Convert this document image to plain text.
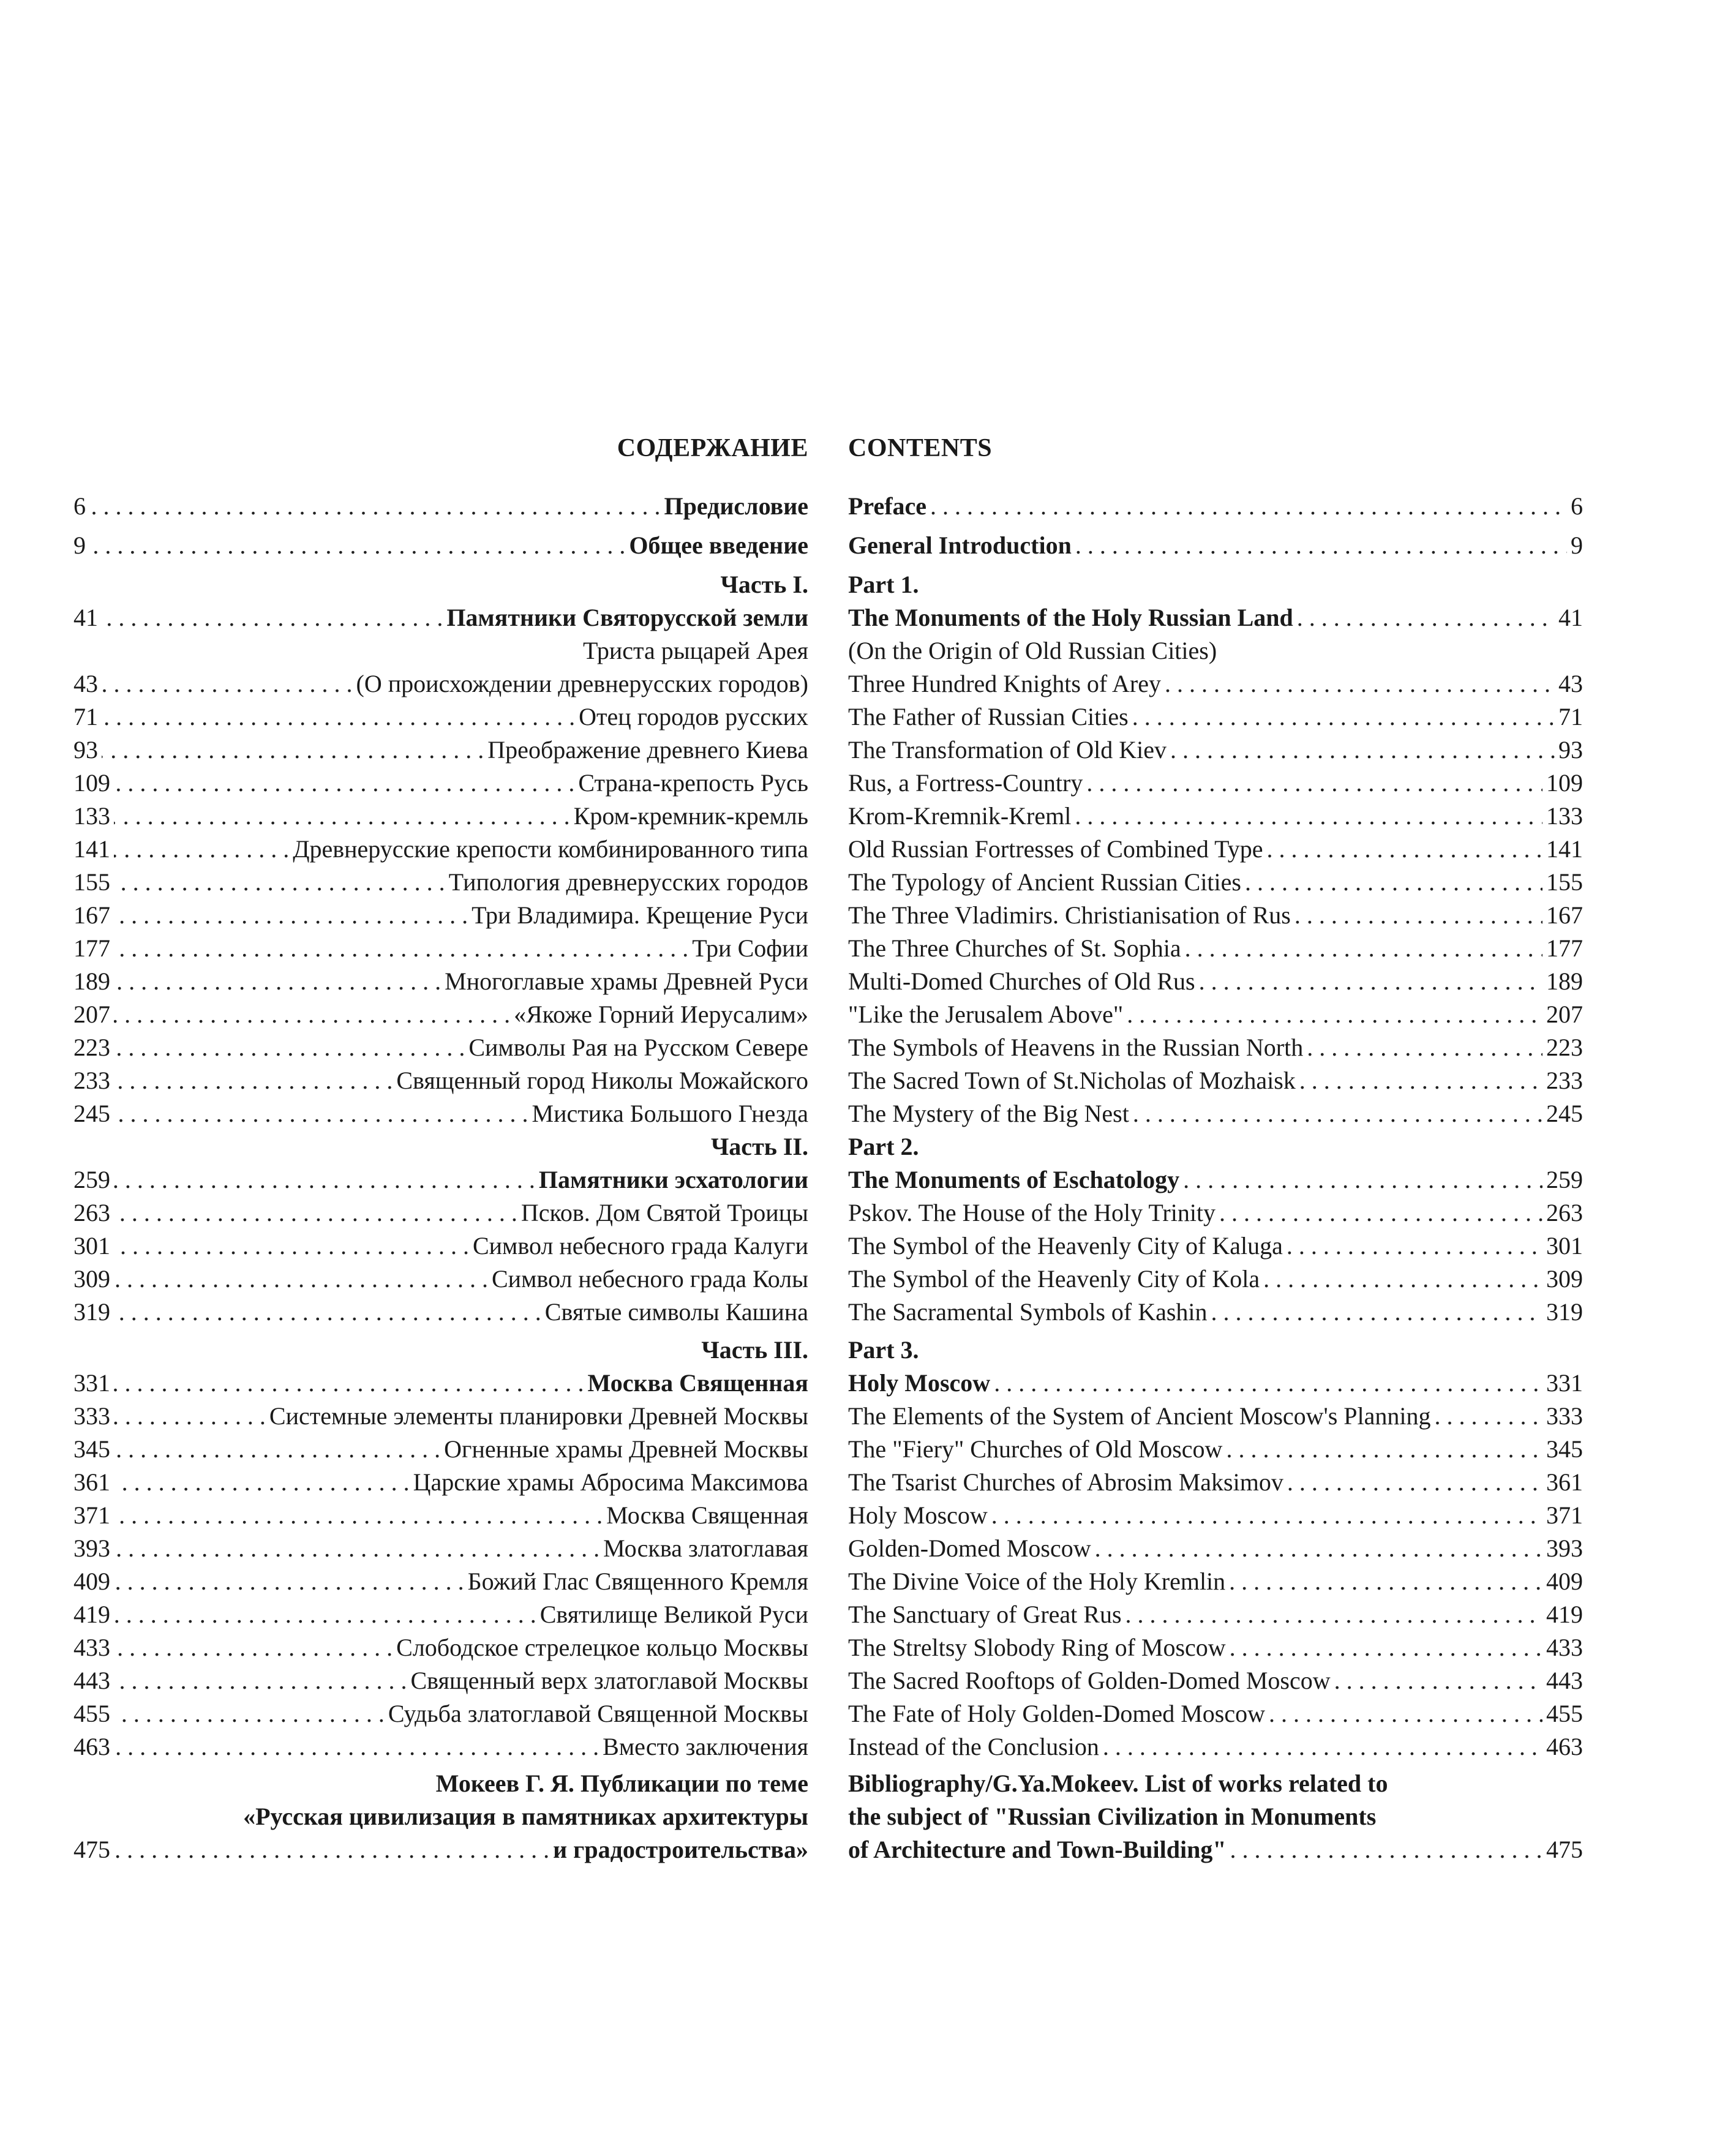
СОДЕРЖАНИЕ
6 . . .	Предисловие
9 . . .	Общее введение
Часть I.
41 . . .	Памятники Святорусской земли
Триста рыцарей Арея
43 . . .	(О происхождении древнерусских городов)
71 . . .	Отец городов русских
93 . . .	Преображение древнего Киева
109 . . .	Страна-крепость Русь
133 . . .	Кром-кремник-кремль
141 . . .	Древнерусские крепости комбинированного типа
155 . . .	Типология древнерусских городов
167 . . .	Три Владимира. Крещение Руси
177 . . .	Три Софии
189 . . .	Многоглавые храмы Древней Руси
207 . . .	«Якоже Горний Иерусалим»
223 . . .	Символы Рая на Русском Севере
233 . . .	Священный город Николы Можайского
245 . . .	Мистика Большого Гнезда
Часть II.
259 . . .	Памятники эсхатологии
263 . . .	Псков. Дом Святой Троицы
301 . . .	Символ небесного града Калуги
309 . . .	Символ небесного града Колы
319 . . .	Святые символы Кашина
Часть III.
331 . . .	Москва Священная
333 . . .	Системные элементы планировки Древней Москвы
345 . . .	Огненные храмы Древней Москвы
361 . . .	Царские храмы Абросима Максимова
371 . . .	Москва Священная
393 . . .	Москва златоглавая
409 . . .	Божий Глас Священного Кремля
419 . . .	Святилище Великой Руси
433 . . .	Слободское стрелецкое кольцо Москвы
443 . . .	Священный верх златоглавой Москвы
455 . . .	Судьба златоглавой Священной Москвы
463 . . .	Вместо заключения
Мокеев Г. Я. Публикации по теме
«Русская цивилизация в памятниках архитектуры
475 . . .	и градостроительства»
CONTENTS
Preface . . .	6
General Introduction . . .	9
Part 1.
The Monuments of the Holy Russian Land . . .	41
(On the Origin of Old Russian Cities)
Three Hundred Knights of Arey . . .	43
The Father of Russian Cities . . .	71
The Transformation of Old Kiev . . .	93
Rus, a Fortress-Country . . .	109
Krom-Kremnik-Kreml . . .	133
Old Russian Fortresses of Combined Type . . .	141
The Typology of Ancient Russian Cities . . .	155
The Three Vladimirs. Christianisation of Rus . . .	167
The Three Churches of St. Sophia . . .	177
Multi-Domed Churches of Old Rus . . .	189
"Like the Jerusalem Above" . . .	207
The Symbols of Heavens in the Russian North . . .	223
The Sacred Town of St.Nicholas of Mozhaisk . . .	233
The Mystery of the Big Nest . . .	245
Part 2.
The Monuments of Eschatology . . .	259
Pskov. The House of the Holy Trinity . . .	263
The Symbol of the Heavenly City of Kaluga . . .	301
The Symbol of the Heavenly City of Kola . . .	309
The Sacramental Symbols of Kashin . . .	319
Part 3.
Holy Moscow . . .	331
The Elements of the System of Ancient Moscow's Planning . . .	333
The "Fiery" Churches of Old Moscow . . .	345
The Tsarist Churches of Abrosim Maksimov . . .	361
Holy Moscow . . .	371
Golden-Domed Moscow . . .	393
The Divine Voice of the Holy Kremlin . . .	409
The Sanctuary of Great Rus . . .	419
The Streltsy Slobody Ring of Moscow . . .	433
The Sacred Rooftops of Golden-Domed Moscow . . .	443
The Fate of Holy Golden-Domed Moscow . . .	455
Instead of the Conclusion . . .	463
Bibliography/G.Ya.Mokeev. List of works related to
the subject of "Russian Civilization in Monuments
of Architecture and Town-Building" . . .	475
